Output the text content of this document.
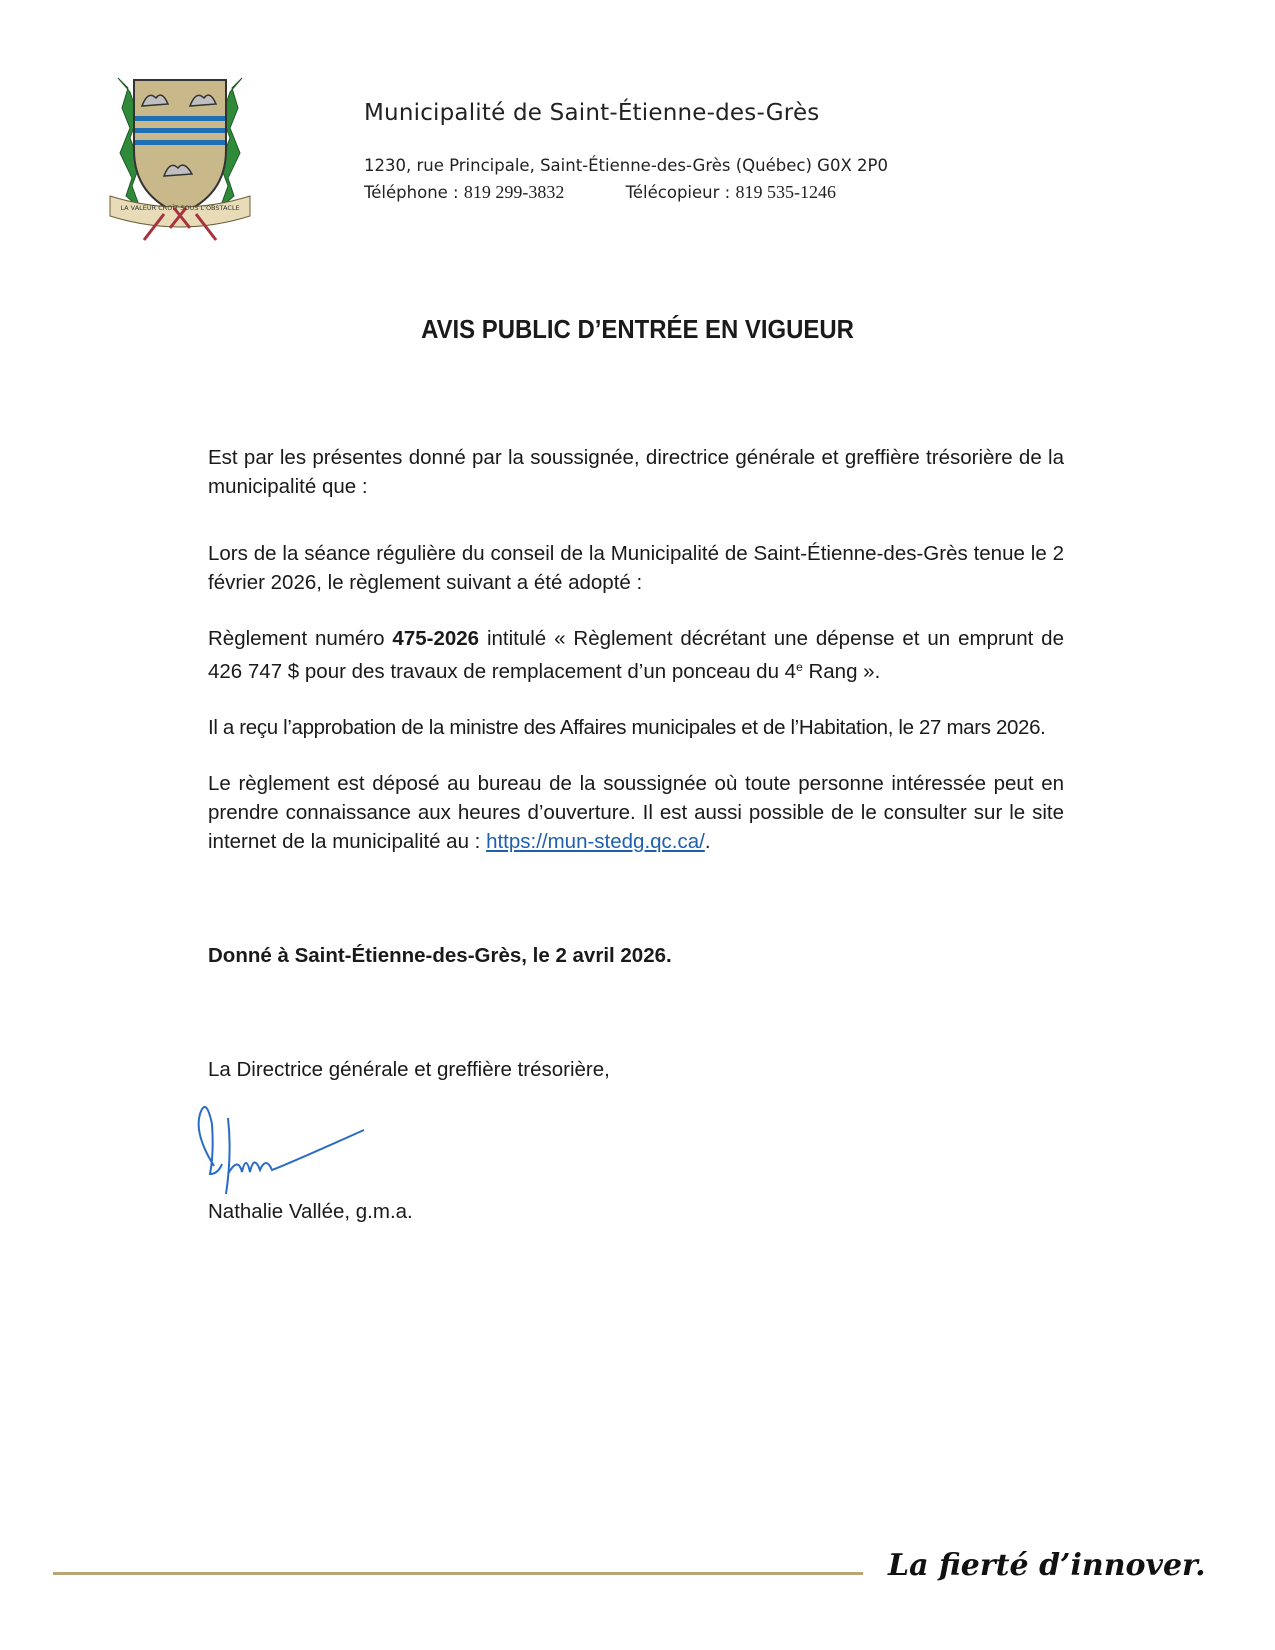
LA VALEUR CROÎT SOUS L'OBSTACLE
Municipalité de Saint-Étienne-des-Grès
1230, rue Principale, Saint-Étienne-des-Grès (Québec) G0X 2P0
Téléphone : 819 299-3832	Télécopieur : 819 535-1246
AVIS PUBLIC D’ENTRÉE EN VIGUEUR

Est par les présentes donné par la soussignée, directrice générale et greffière trésorière de la municipalité que :

Lors de la séance régulière du conseil de la Municipalité de Saint-Étienne-des-Grès tenue le 2 février 2026, le règlement suivant a été adopté :

Règlement numéro 475-2026 intitulé « Règlement décrétant une dépense et un emprunt de 426 747 $ pour des travaux de remplacement d’un ponceau du 4e Rang ».

Il a reçu l’approbation de la ministre des Affaires municipales et de l’Habitation, le 27 mars 2026.

Le règlement est déposé au bureau de la soussignée où toute personne intéressée peut en prendre connaissance aux heures d’ouverture. Il est aussi possible de le consulter sur le site internet de la municipalité au : https://mun-stedg.qc.ca/.

Donné à Saint-Étienne-des-Grès, le 2 avril 2026.
La Directrice générale et greffière trésorière,
Nathalie Vallée, g.m.a.
La fierté d’innover.
